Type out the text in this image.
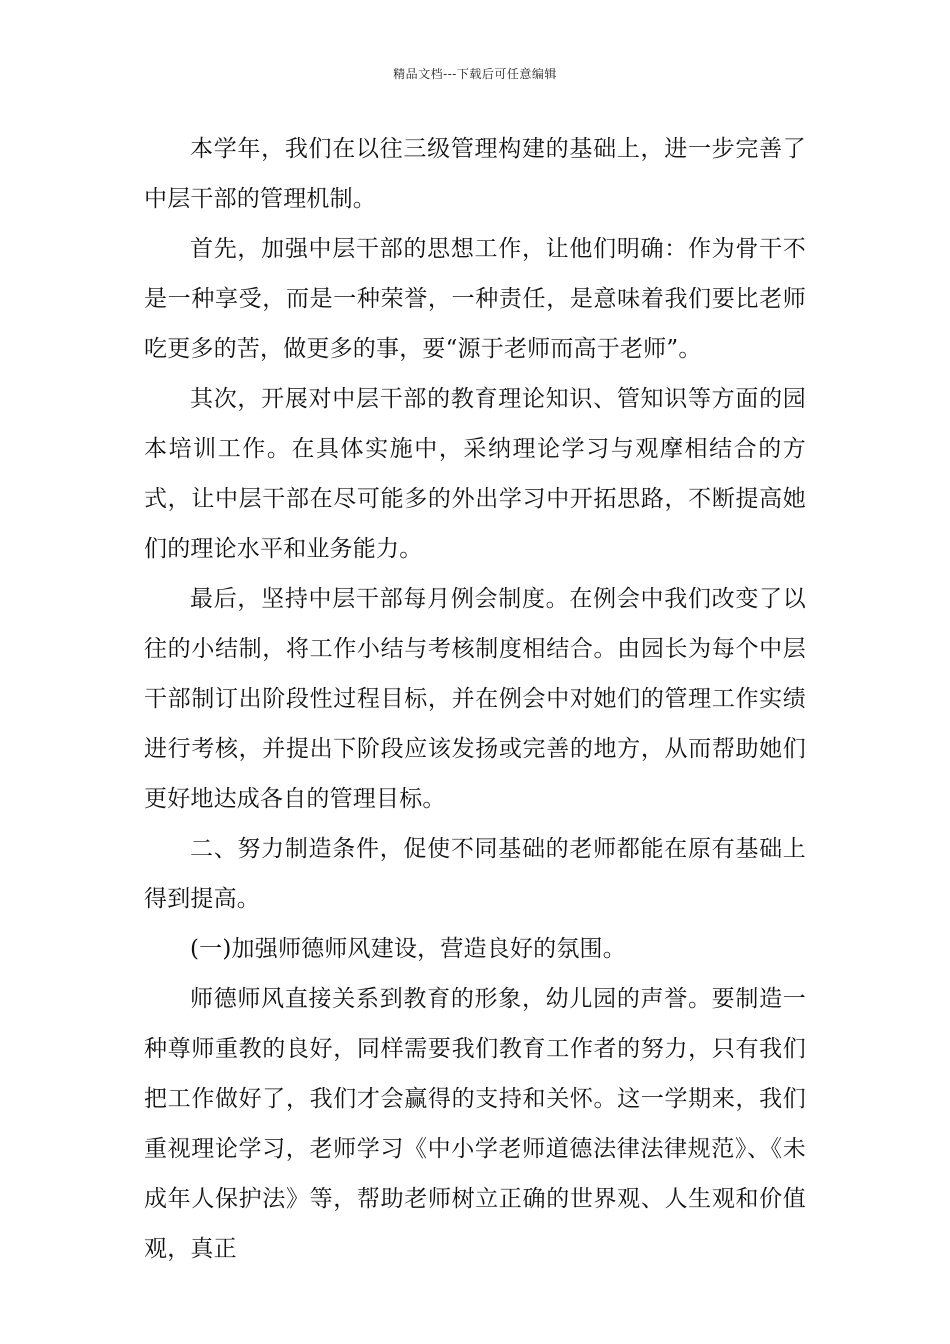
精品文档---下载后可任意编辑

本学年，我们在以往三级管理构建的基础上，进一步完善了中层干部的管理机制。

首先，加强中层干部的思想工作，让他们明确：作为骨干不是一种享受，而是一种荣誉，一种责任，是意味着我们要比老师吃更多的苦，做更多的事，要“源于老师而高于老师”。

其次，开展对中层干部的教育理论知识、管知识等方面的园本培训工作。在具体实施中，采纳理论学习与观摩相结合的方式，让中层干部在尽可能多的外出学习中开拓思路，不断提高她们的理论水平和业务能力。

最后，坚持中层干部每月例会制度。在例会中我们改变了以往的小结制，将工作小结与考核制度相结合。由园长为每个中层干部制订出阶段性过程目标，并在例会中对她们的管理工作实绩进行考核，并提出下阶段应该发扬或完善的地方，从而帮助她们更好地达成各自的管理目标。

二、努力制造条件，促使不同基础的老师都能在原有基础上得到提高。

(一)加强师德师风建设，营造良好的氛围。

师德师风直接关系到教育的形象，幼儿园的声誉。要制造一种尊师重教的良好，同样需要我们教育工作者的努力，只有我们把工作做好了，我们才会赢得的支持和关怀。这一学期来，我们重视理论学习，老师学习《中小学老师道德法律法律规范》、《未成年人保护法》等，帮助老师树立正确的世界观、人生观和价值观，真正
